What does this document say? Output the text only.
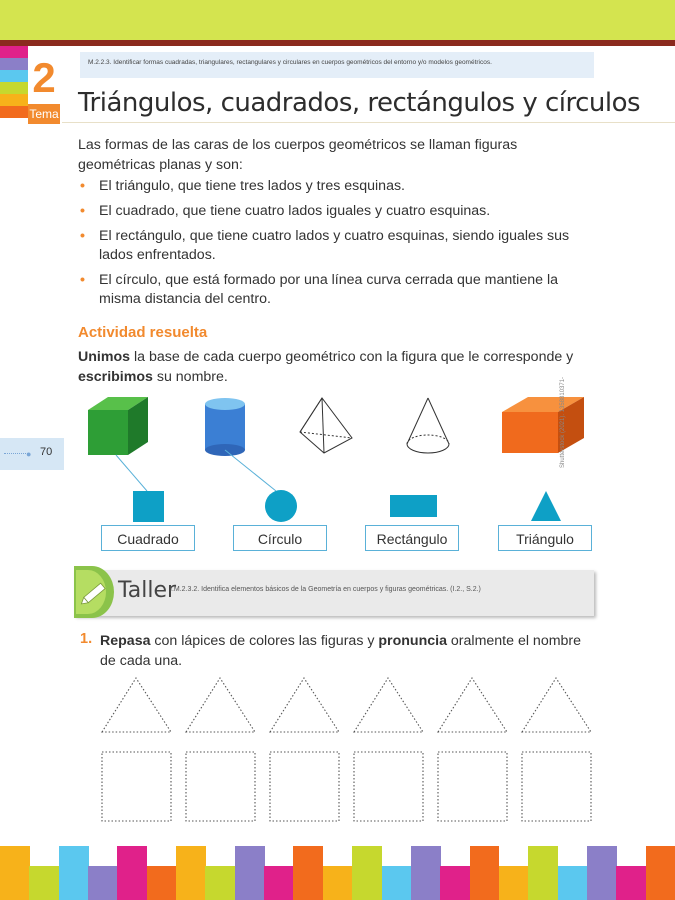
2
Tema
M.2.2.3. Identificar formas cuadradas, triangulares, rectangulares y circulares en cuerpos geométricos del entorno y/o modelos geométricos.
Triángulos, cuadrados, rectángulos y círculos
Las formas de las caras de los cuerpos geométricos se llaman figuras geométricas planas y son:
• El triángulo, que tiene tres lados y tres esquinas.
• El cuadrado, que tiene cuatro lados iguales y cuatro esquinas.
• El rectángulo, que tiene cuatro lados y cuatro esquinas, siendo iguales sus lados enfrentados.
• El círculo, que está formado por una línea curva cerrada que mantiene la misma distancia del centro.
Actividad resuelta
Unimos la base de cada cuerpo geométrico con la figura que le corresponde y escribimos su nombre.
● 70	Shutterstock (2021). 1358810371-
Cuadrado	Círculo	Rectángulo	Triángulo
Taller
I.M.2.3.2. Identifica elementos básicos de la Geometría en cuerpos y figuras geométricas. (I.2., S.2.)
1. Repasa con lápices de colores las figuras y pronuncia oralmente el nombre de cada una.
